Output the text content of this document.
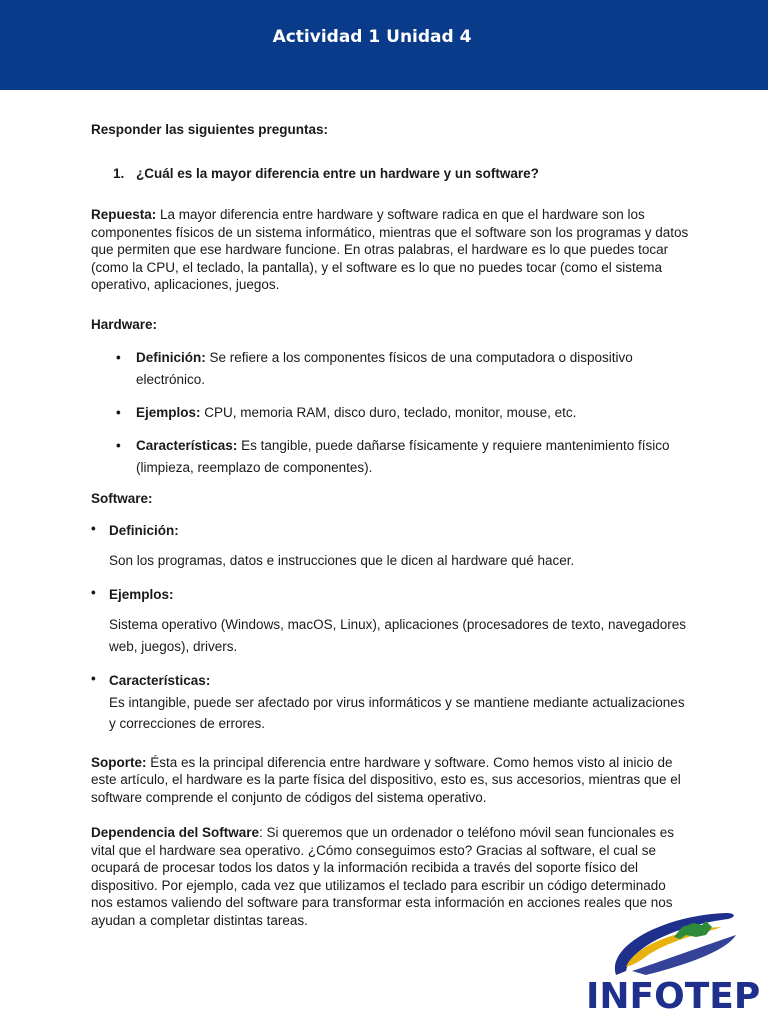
Actividad 1 Unidad 4

Responder las siguientes preguntas:

1. ¿Cuál es la mayor diferencia entre un hardware y un software?

Repuesta: La mayor diferencia entre hardware y software radica en que el hardware son los componentes físicos de un sistema informático, mientras que el software son los programas y datos que permiten que ese hardware funcione. En otras palabras, el hardware es lo que puedes tocar (como la CPU, el teclado, la pantalla), y el software es lo que no puedes tocar (como el sistema operativo, aplicaciones, juegos.

Hardware:

• Definición: Se refiere a los componentes físicos de una computadora o dispositivo electrónico.
• Ejemplos: CPU, memoria RAM, disco duro, teclado, monitor, mouse, etc.
• Características: Es tangible, puede dañarse físicamente y requiere mantenimiento físico (limpieza, reemplazo de componentes).

Software:

• Definición:
Son los programas, datos e instrucciones que le dicen al hardware qué hacer.
• Ejemplos:
Sistema operativo (Windows, macOS, Linux), aplicaciones (procesadores de texto, navegadores web, juegos), drivers.
• Características:
Es intangible, puede ser afectado por virus informáticos y se mantiene mediante actualizaciones y correcciones de errores.

Soporte: Ésta es la principal diferencia entre hardware y software. Como hemos visto al inicio de este artículo, el hardware es la parte física del dispositivo, esto es, sus accesorios, mientras que el software comprende el conjunto de códigos del sistema operativo.

Dependencia del Software: Si queremos que un ordenador o teléfono móvil sean funcionales es vital que el hardware sea operativo. ¿Cómo conseguimos esto? Gracias al software, el cual se ocupará de procesar todos los datos y la información recibida a través del soporte físico del dispositivo. Por ejemplo, cada vez que utilizamos el teclado para escribir un código determinado nos estamos valiendo del software para transformar esta información en acciones reales que nos ayudan a completar distintas tareas.

INFOTEP
